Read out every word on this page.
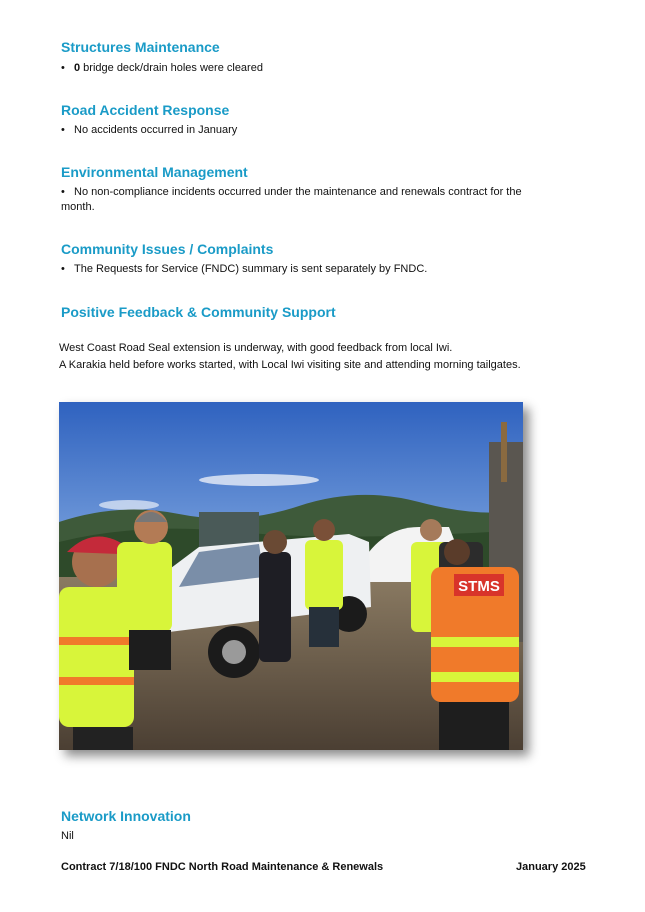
Structures Maintenance

• 0 bridge deck/drain holes were cleared

Road Accident Response

• No accidents occurred in January

Environmental Management

• No non-compliance incidents occurred under the maintenance and renewals contract for the month.

Community Issues / Complaints

• The Requests for Service (FNDC) summary is sent separately by FNDC.

Positive Feedback & Community Support

West Coast Road Seal extension is underway, with good feedback from local Iwi.

A Karakia held before works started, with Local Iwi visiting site and attending morning tailgates.

STMS
Network Innovation

Nil

Contract 7/18/100 FNDC North Road Maintenance & Renewals	January 2025
